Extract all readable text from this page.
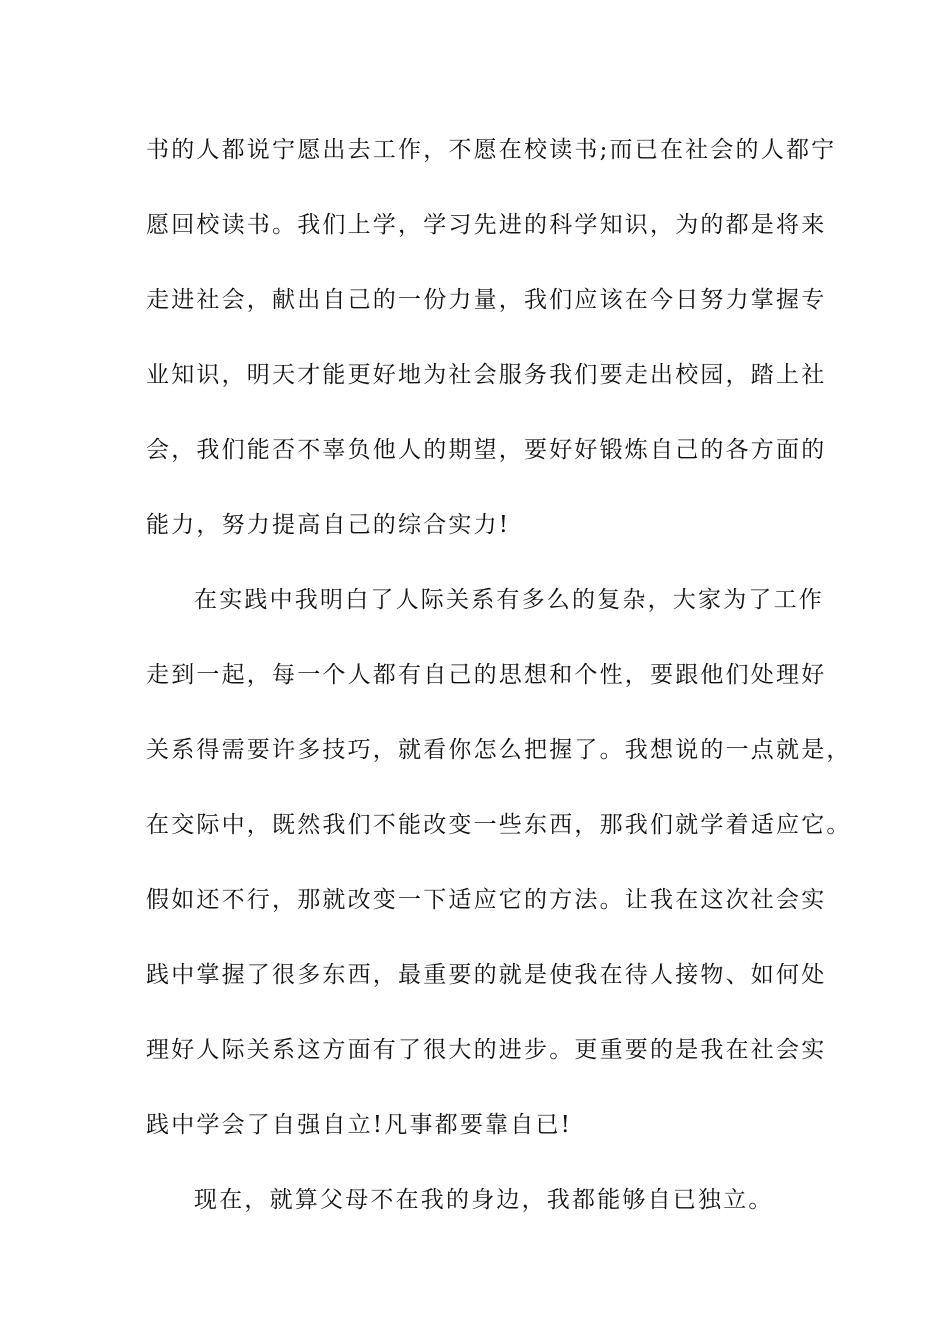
书的人都说宁愿出去工作，不愿在校读书;而已在社会的人都宁
愿回校读书。我们上学，学习先进的科学知识，为的都是将来
走进社会，献出自己的一份力量，我们应该在今日努力掌握专
业知识，明天才能更好地为社会服务我们要走出校园，踏上社
会，我们能否不辜负他人的期望，要好好锻炼自己的各方面的
能力，努力提高自己的综合实力!
在实践中我明白了人际关系有多么的复杂，大家为了工作
走到一起，每一个人都有自己的思想和个性，要跟他们处理好
关系得需要许多技巧，就看你怎么把握了。我想说的一点就是，
在交际中，既然我们不能改变一些东西，那我们就学着适应它。
假如还不行，那就改变一下适应它的方法。让我在这次社会实
践中掌握了很多东西，最重要的就是使我在待人接物、如何处
理好人际关系这方面有了很大的进步。更重要的是我在社会实
践中学会了自强自立!凡事都要靠自已!
现在，就算父母不在我的身边，我都能够自已独立。
